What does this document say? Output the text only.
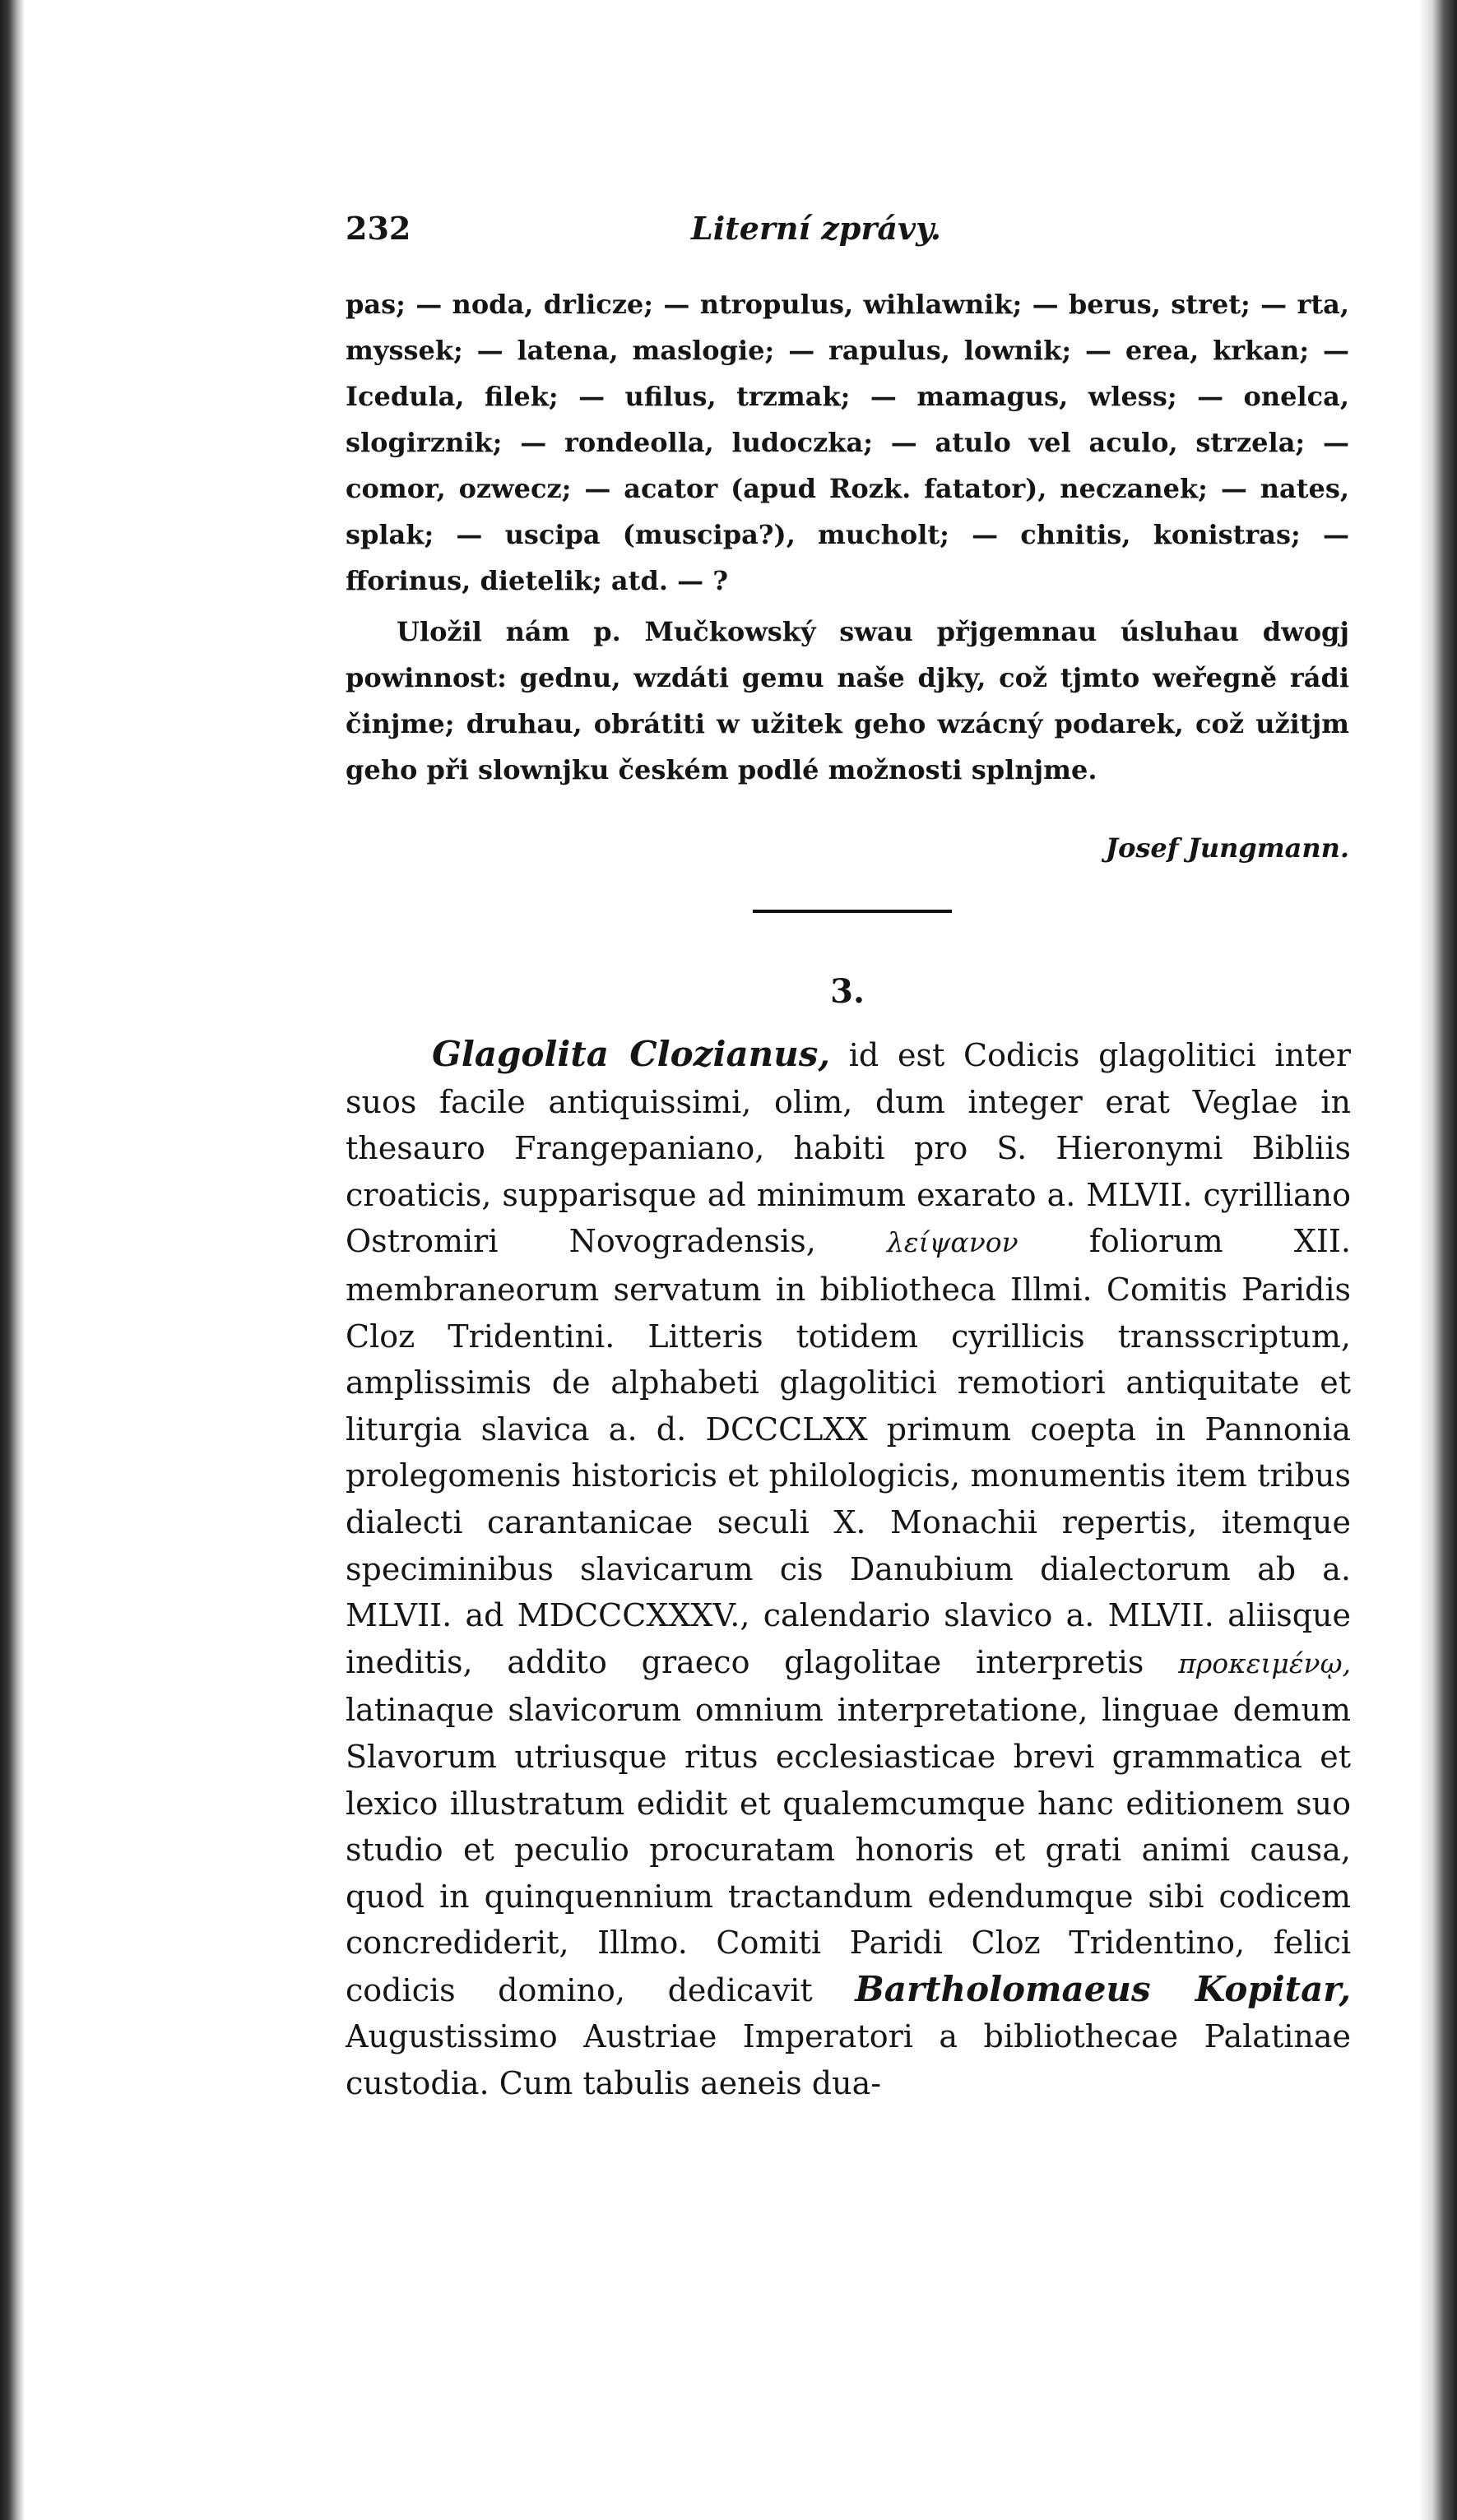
232	Literní zprávy.

pas; — noda, drlicze; — ntropulus, wihlawnik; — berus, stret; — rta, myssek; — latena, maslogie; — rapulus, lownik; — erea, krkan; — Icedula, filek; — ufilus, trzmak; — mamagus, wless; — onelca, slogirznik; — rondeolla, ludoczka; — atulo vel aculo, strzela; — comor, ozwecz; — acator (apud Rozk. fatator), neczanek; — nates, splak; — uscipa (muscipa?), mucholt; — chnitis, konistras; — fforinus, dietelik; atd. — ?

Uložil nám p. Mučkowský swau přjgemnau úsluhau dwogj powinnost: gednu, wzdáti gemu naše djky, což tjmto weřegně rádi činjme; druhau, obrátiti w užitek geho wzácný podarek, což užitjm geho při slownjku českém podlé možnosti splnjme.

Josef Jungmann.
3.

Glagolita Clozianus, id est Codicis glagolitici inter suos facile antiquissimi, olim, dum integer erat Veglae in thesauro Frangepaniano, habiti pro S. Hieronymi Bibliis croaticis, supparisque ad minimum exarato a. MLVII. cyrilliano Ostromiri Novogradensis,	λείψανον foliorum XII. membraneorum servatum in bibliotheca Illmi. Comitis Paridis Cloz Tridentini. Litteris totidem cyrillicis transscriptum, amplissimis de alphabeti glagolitici remotiori antiquitate et liturgia slavica a. d. DCCCLXX primum coepta in Pannonia prolegomenis historicis et philologicis, monumentis item tribus dialecti carantanicae seculi X. Monachii repertis, itemque speciminibus slavicarum cis Danubium dialectorum ab a. MLVII. ad MDCCCXXXV., calendario slavico a. MLVII. aliisque ineditis, addito graeco glagolitae interpretis προκειμένῳ, latinaque slavicorum omnium interpretatione, linguae demum Slavorum utriusque ritus ecclesiasticae brevi grammatica et lexico illustratum edidit et qualemcumque hanc editionem suo studio et peculio procuratam honoris et grati animi causa, quod in quinquennium tractandum edendumque sibi codicem concrediderit, Illmo. Comiti Paridi Cloz Tridentino, felici codicis domino, dedicavit Bartholomaeus Kopitar, Augustissimo Austriae Imperatori a bibliothecae Palatinae custodia. Cum tabulis aeneis dua-
